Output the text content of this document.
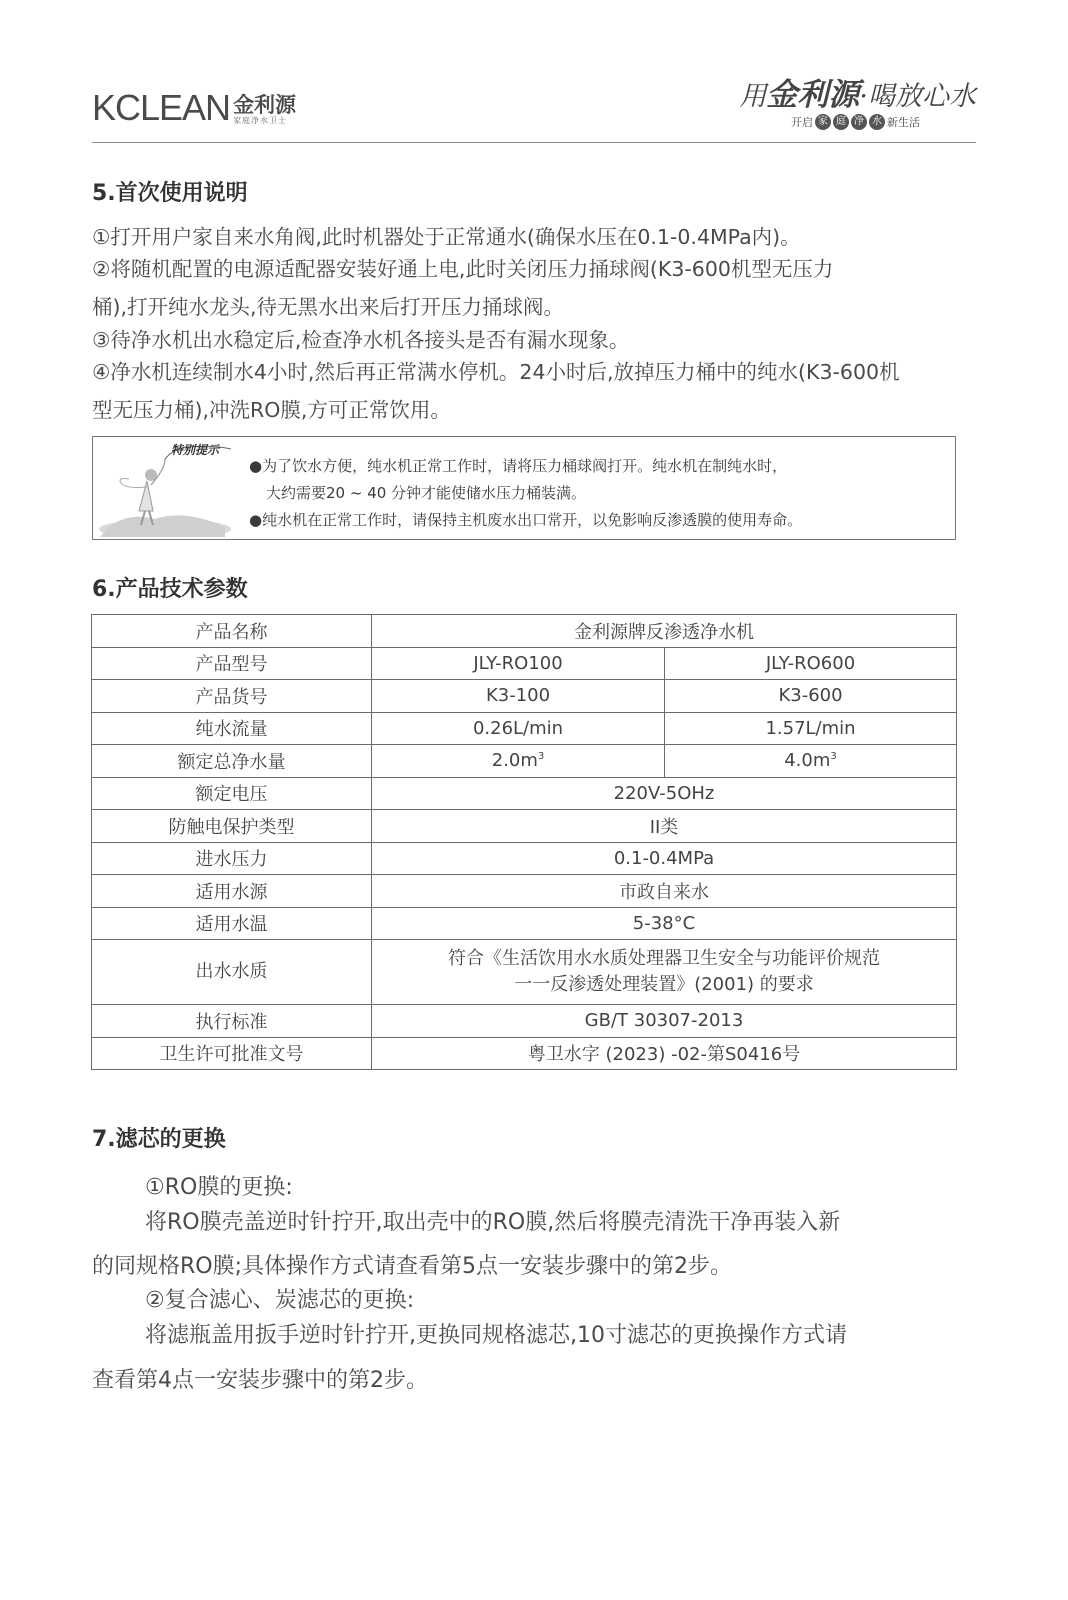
KCLEAN 金利源
家庭净水卫士
用金利源·喝放心水
开启 家 庭 净 水 新生活
5.首次使用说明
①打开用户家自来水角阀,此时机器处于正常通水(确保水压在0.1-0.4MPa内)。
②将随机配置的电源适配器安装好通上电,此时关闭压力捅球阀(K3-600机型无压力
桶),打开纯水龙头,待无黑水出来后打开压力捅球阀。
③待净水机出水稳定后,检查净水机各接头是否有漏水现象。
④净水机连续制水4小时,然后再正常满水停机。24小时后,放掉压力桶中的纯水(K3-600机
型无压力桶),冲洗RO膜,方可正常饮用。
特别提示
●为了饮水方便，纯水机正常工作时，请将压力桶球阀打开。纯水机在制纯水时，
大约需要20 ~ 40 分钟才能使储水压力桶装满。
●纯水机在正常工作时，请保持主机废水出口常开，以免影响反渗透膜的使用寿命。
6.产品技术参数
产品名称	金利源牌反渗透净水机	
产品型号	JLY-RO100	JLY-RO600
产品货号	K3-100	K3-600
纯水流量	0.26L/min	1.57L/min
额定总净水量	$2.0m^3$	$4.0m^3$
额定电压	220V-5OHz	
防触电保护类型	II类	
进水压力	0.1-0.4MPa	
适用水源	市政自来水	
适用水温	5-38°C	
出水水质	符合《生活饮用水水质处理器卫生安全与功能评价规范
一一反渗透处理装置》(2001) 的要求	

执行标准	GB/T 30307-2013	
卫生许可批准文号	粤卫水字 (2023) -02-第S0416号	
7.滤芯的更换
①RO膜的更换:
将RO膜壳盖逆时针拧开,取出壳中的RO膜,然后将膜壳清洗干净再装入新
的同规格RO膜;具体操作方式请查看第5点一安装步骤中的第2步。
②复合滤心、炭滤芯的更换:
将滤瓶盖用扳手逆时针拧开,更换同规格滤芯,10寸滤芯的更换操作方式请
查看第4点一安装步骤中的第2步。
